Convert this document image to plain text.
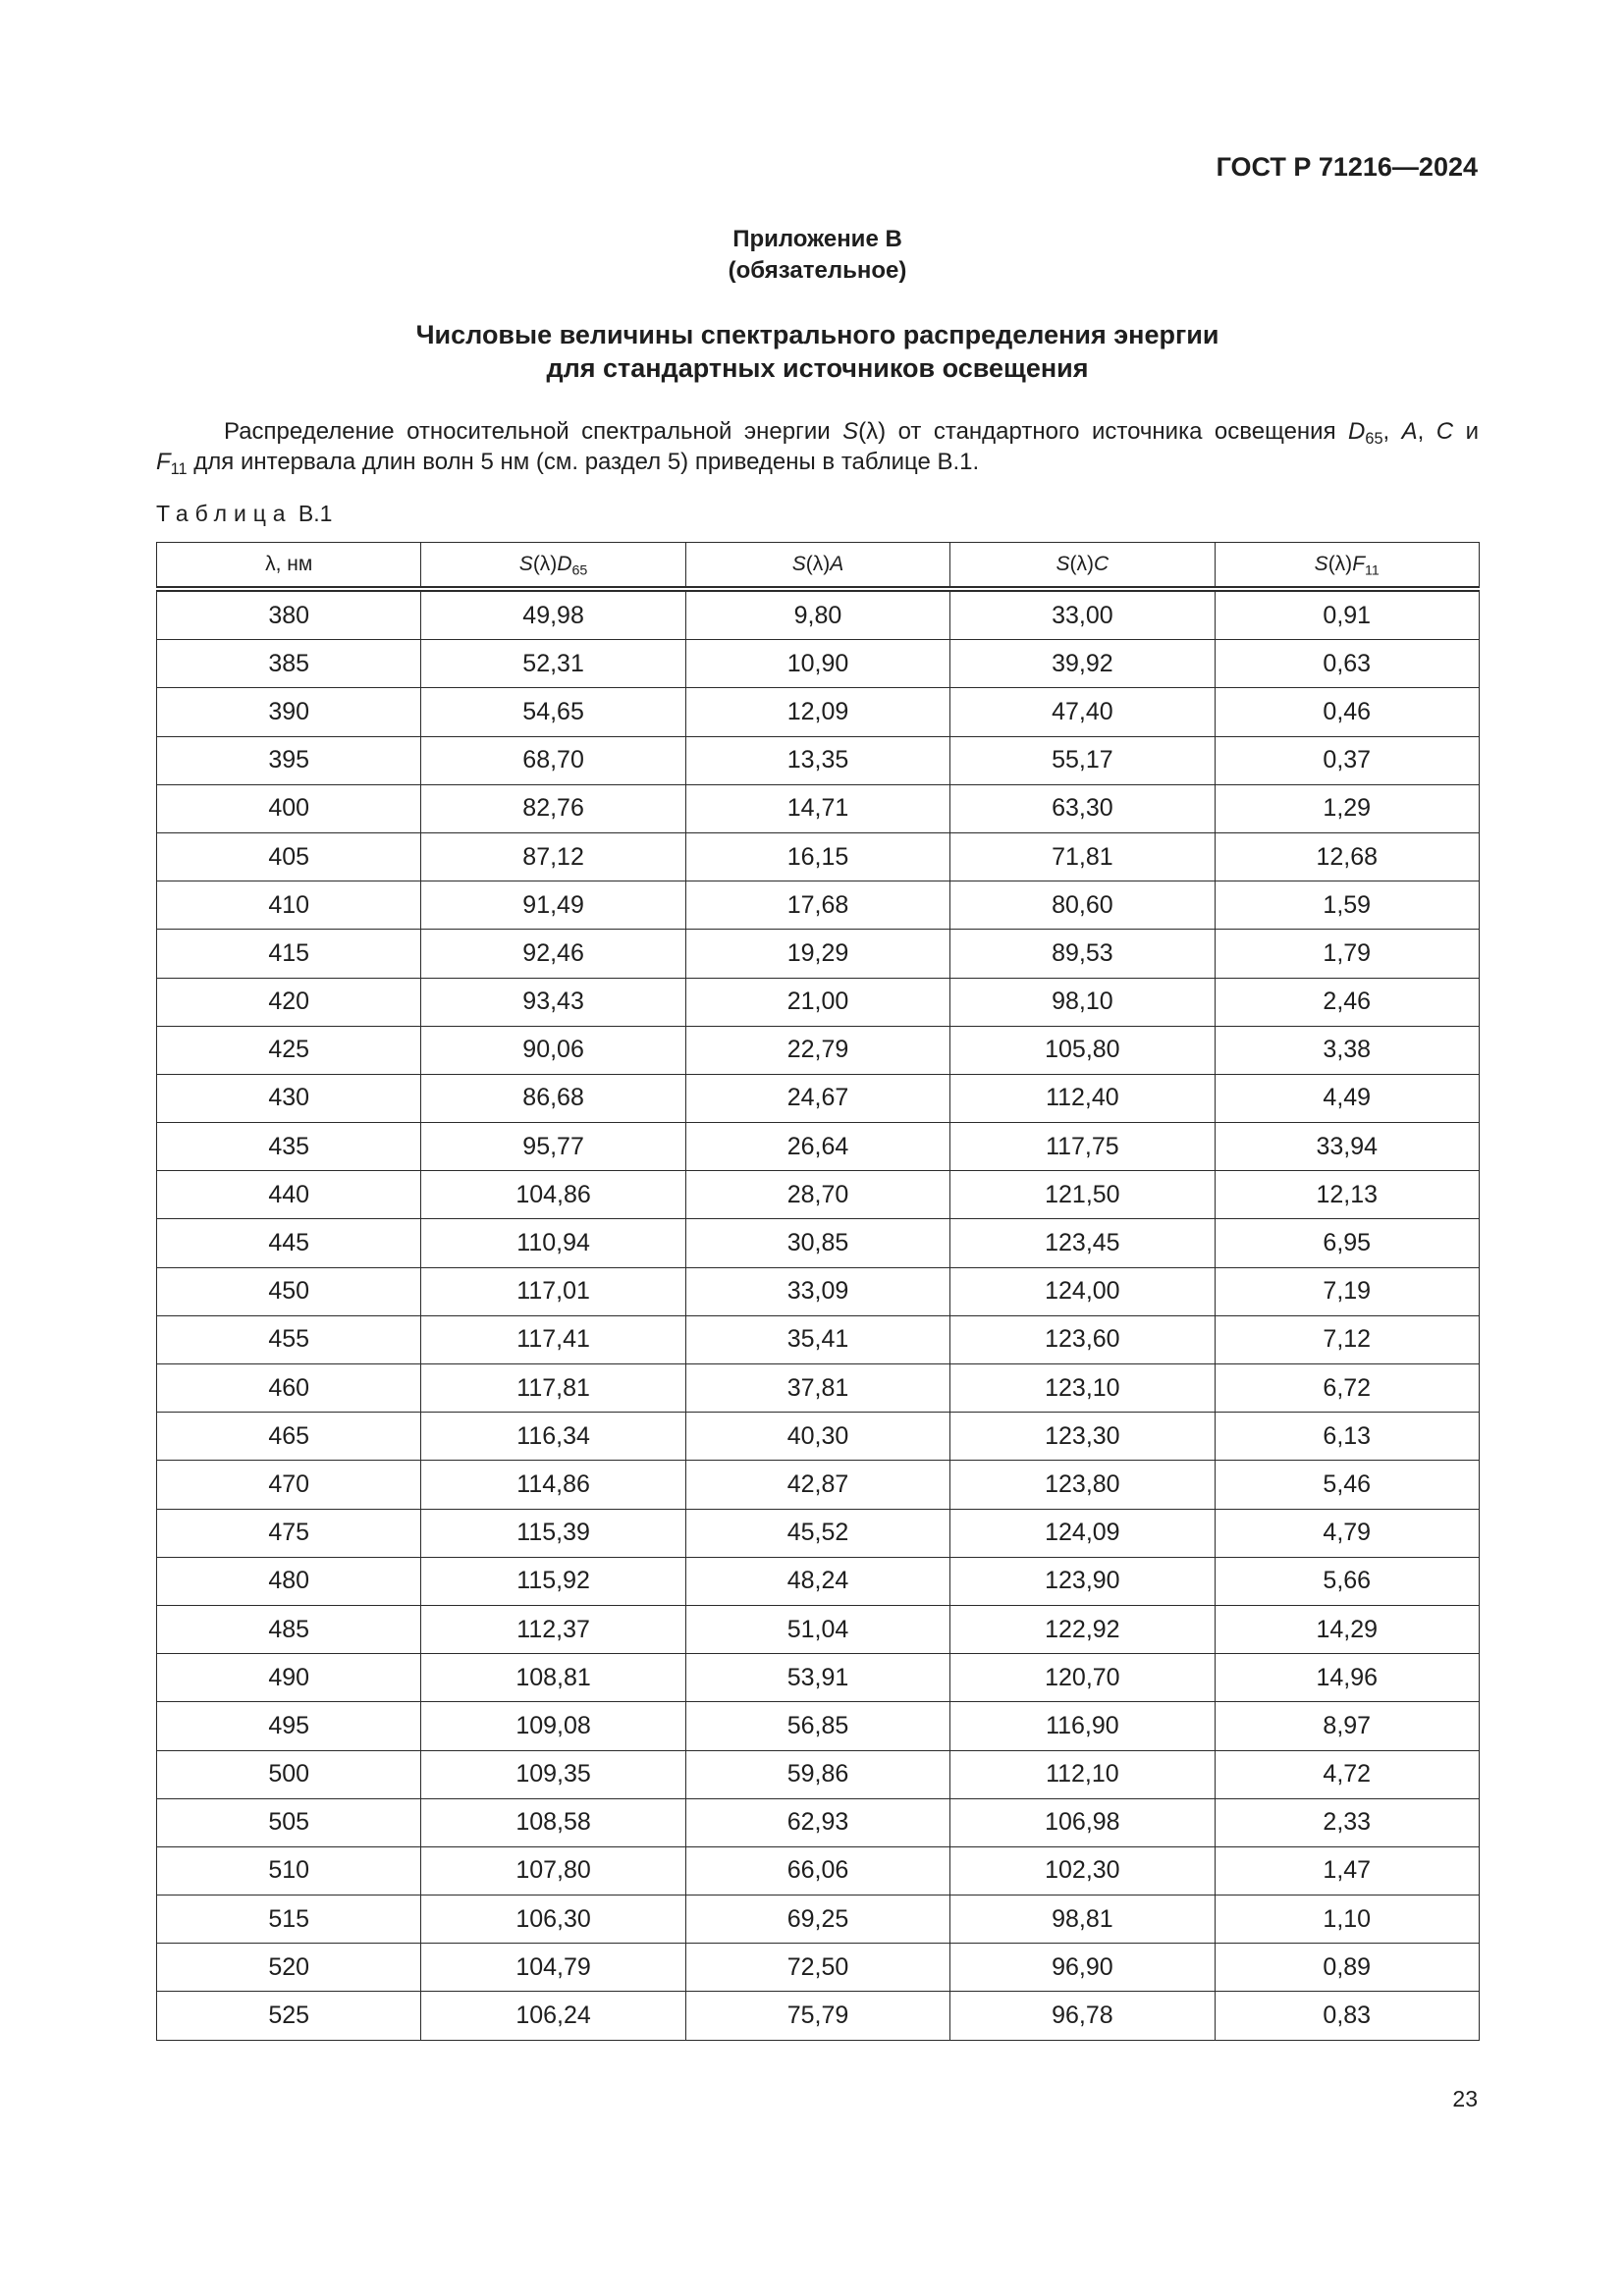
ГОСТ Р 71216—2024
Приложение В
(обязательное)
Числовые величины спектрального распределения энергии
для стандартных источников освещения
Распределение относительной спектральной энергии S(λ) от стандартного источника освещения $D_{65}$, A, C и
$F_{11}$ для интервала длин волн 5 нм (см. раздел 5) приведены в таблице В.1.
Таблица В.1
λ, нм	$S(\lambda)D_{65}$	S(λ)A	S(λ)C	$S(\lambda)F_{11}$
380	49,98	9,80	33,00	0,91
385	52,31	10,90	39,92	0,63
390	54,65	12,09	47,40	0,46
395	68,70	13,35	55,17	0,37
400	82,76	14,71	63,30	1,29
405	87,12	16,15	71,81	12,68
410	91,49	17,68	80,60	1,59
415	92,46	19,29	89,53	1,79
420	93,43	21,00	98,10	2,46
425	90,06	22,79	105,80	3,38
430	86,68	24,67	112,40	4,49
435	95,77	26,64	117,75	33,94
440	104,86	28,70	121,50	12,13
445	110,94	30,85	123,45	6,95
450	117,01	33,09	124,00	7,19
455	117,41	35,41	123,60	7,12
460	117,81	37,81	123,10	6,72
465	116,34	40,30	123,30	6,13
470	114,86	42,87	123,80	5,46
475	115,39	45,52	124,09	4,79
480	115,92	48,24	123,90	5,66
485	112,37	51,04	122,92	14,29
490	108,81	53,91	120,70	14,96
495	109,08	56,85	116,90	8,97
500	109,35	59,86	112,10	4,72
505	108,58	62,93	106,98	2,33
510	107,80	66,06	102,30	1,47
515	106,30	69,25	98,81	1,10
520	104,79	72,50	96,90	0,89
525	106,24	75,79	96,78	0,83
23
